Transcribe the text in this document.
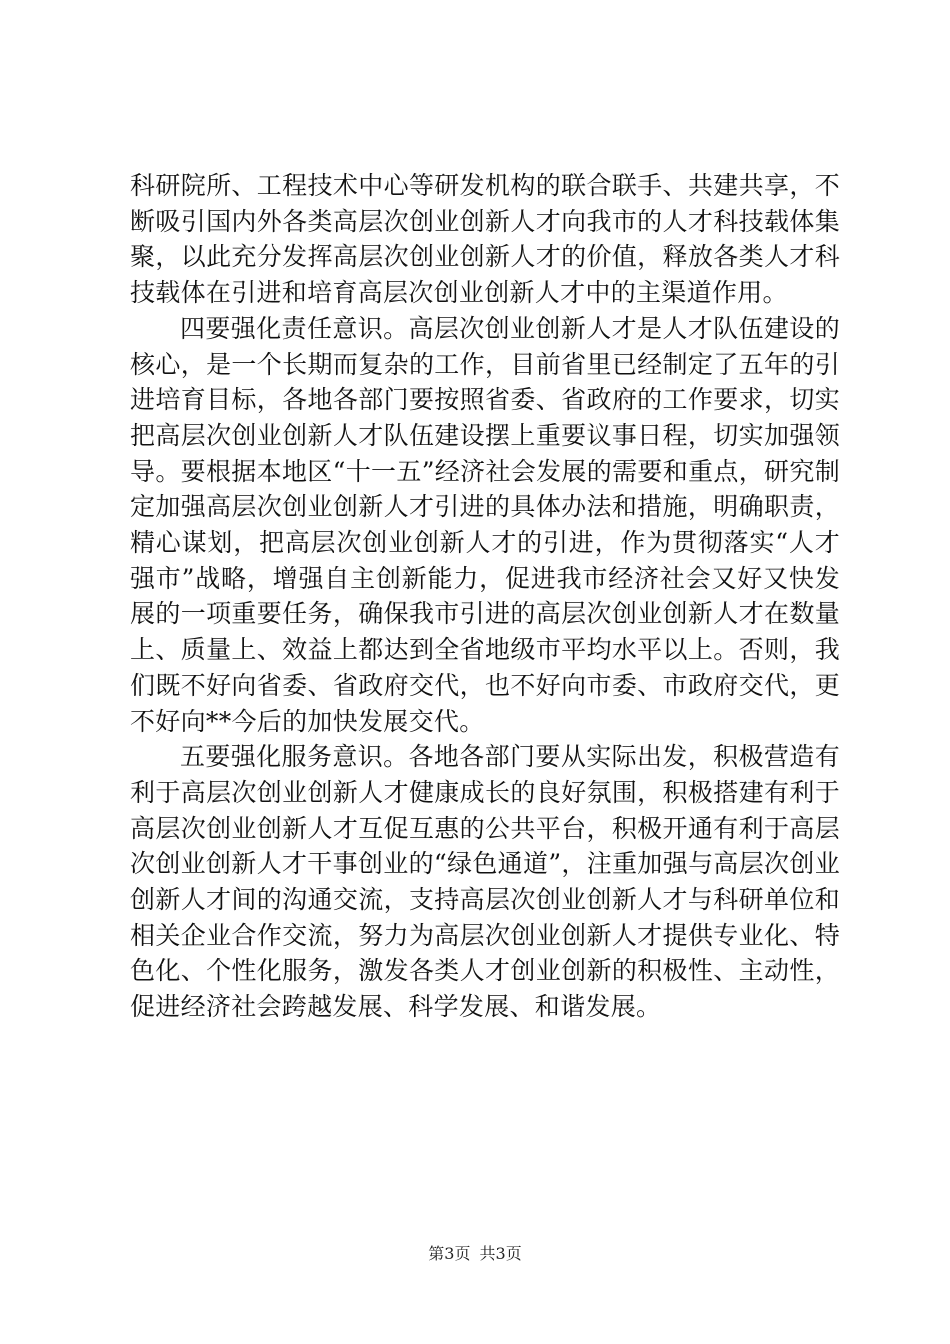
科研院所、工程技术中心等研发机构的联合联手、共建共享，不断吸引国内外各类高层次创业创新人才向我市的人才科技载体集聚，以此充分发挥高层次创业创新人才的价值，释放各类人才科技载体在引进和培育高层次创业创新人才中的主渠道作用。

四要强化责任意识。高层次创业创新人才是人才队伍建设的核心，是一个长期而复杂的工作，目前省里已经制定了五年的引进培育目标，各地各部门要按照省委、省政府的工作要求，切实把高层次创业创新人才队伍建设摆上重要议事日程，切实加强领导。要根据本地区“十一五”经济社会发展的需要和重点，研究制定加强高层次创业创新人才引进的具体办法和措施，明确职责，精心谋划，把高层次创业创新人才的引进，作为贯彻落实“人才强市”战略，增强自主创新能力，促进我市经济社会又好又快发展的一项重要任务，确保我市引进的高层次创业创新人才在数量上、质量上、效益上都达到全省地级市平均水平以上。否则，我们既不好向省委、省政府交代，也不好向市委、市政府交代，更不好向**今后的加快发展交代。

五要强化服务意识。各地各部门要从实际出发，积极营造有利于高层次创业创新人才健康成长的良好氛围，积极搭建有利于高层次创业创新人才互促互惠的公共平台，积极开通有利于高层次创业创新人才干事创业的“绿色通道”，注重加强与高层次创业创新人才间的沟通交流，支持高层次创业创新人才与科研单位和相关企业合作交流，努力为高层次创业创新人才提供专业化、特色化、个性化服务，激发各类人才创业创新的积极性、主动性，促进经济社会跨越发展、科学发展、和谐发展。

第3页 共3页
